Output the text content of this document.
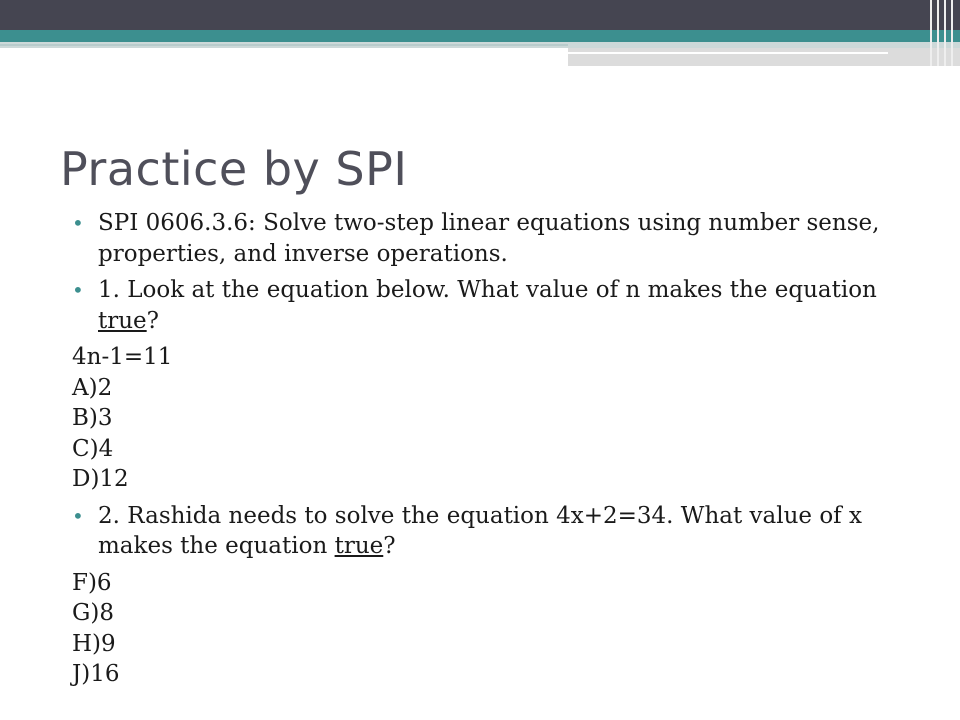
Practice by SPI
• SPI 0606.3.6: Solve two-step linear equations using number sense, properties, and inverse operations.
• 1. Look at the equation below. What value of n makes the equation true?

4n-1=11

A)2

B)3

C)4

D)12

• 2. Rashida needs to solve the equation 4x+2=34. What value of x makes the equation true?

F)6

G)8

H)9

J)16
